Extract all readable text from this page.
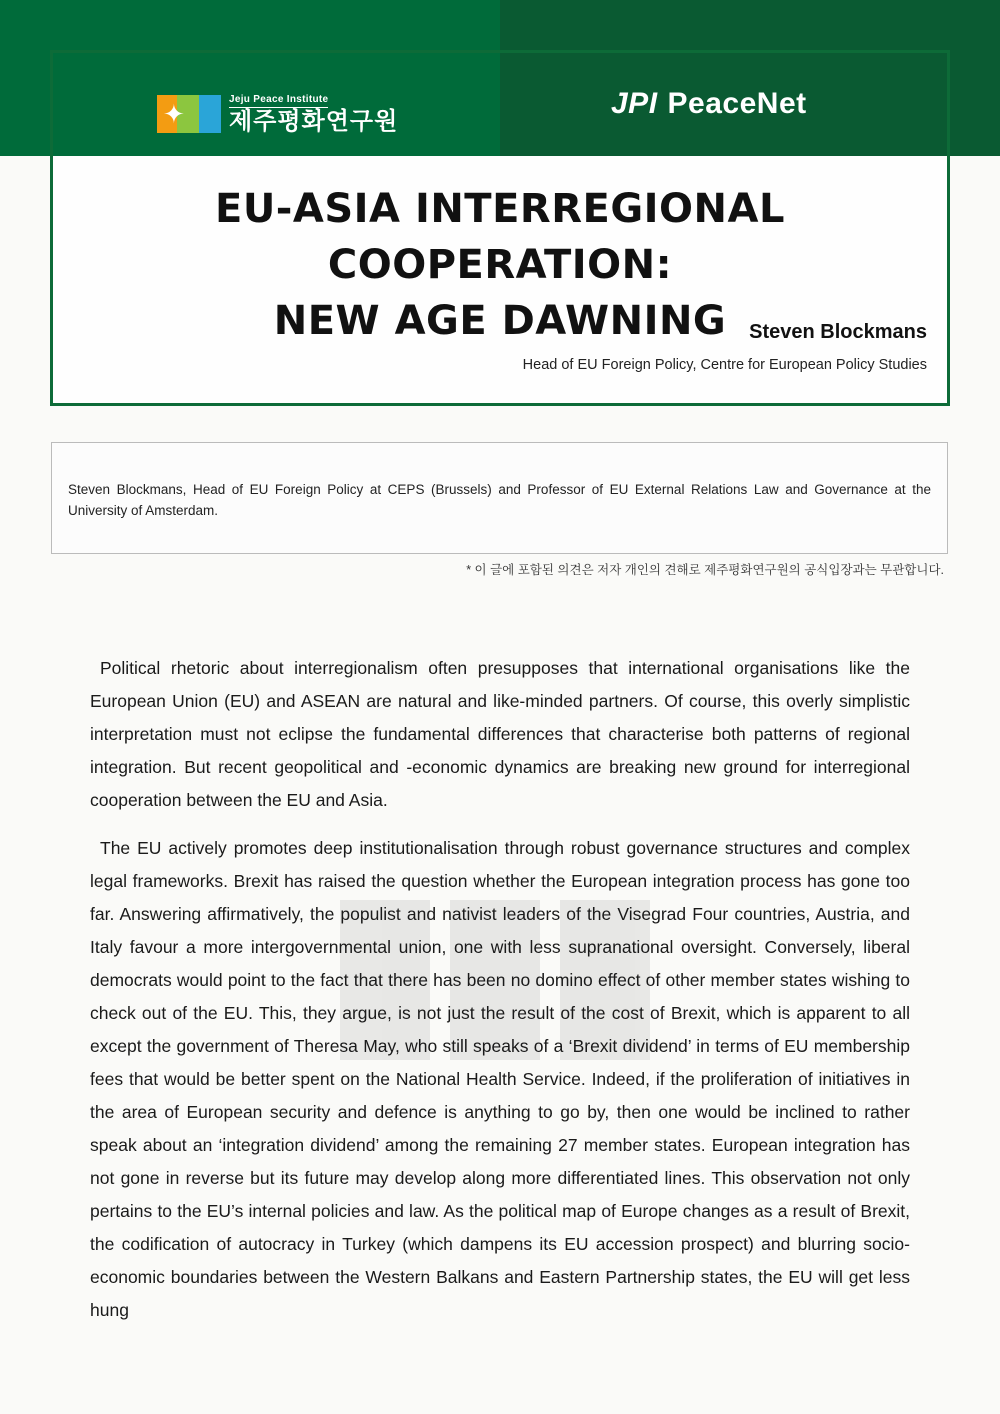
✦	Jeju Peace Institute
제주평화연구원
JPI PeaceNet
EU-ASIA INTERREGIONAL COOPERATION:
NEW AGE DAWNING	Steven Blockmans
Head of EU Foreign Policy, Centre for European Policy Studies
Steven Blockmans, Head of EU Foreign Policy at CEPS (Brussels) and Professor of EU External Relations Law and Governance at the University of Amsterdam.
* 이 글에 포함된 의견은 저자 개인의 견해로 제주평화연구원의 공식입장과는 무관합니다.

Political rhetoric about interregionalism often presupposes that international organisations like the European Union (EU) and ASEAN are natural and like-minded partners. Of course, this overly simplistic interpretation must not eclipse the fundamental differences that characterise both patterns of regional integration. But recent geopolitical and -economic dynamics are breaking new ground for interregional cooperation between the EU and Asia.

The EU actively promotes deep institutionalisation through robust governance structures and complex legal frameworks. Brexit has raised the question whether the European integration process has gone too far. Answering affirmatively, the populist and nativist leaders of the Visegrad Four countries, Austria, and Italy favour a more intergovernmental union, one with less supranational oversight. Conversely, liberal democrats would point to the fact that there has been no domino effect of other member states wishing to check out of the EU. This, they argue, is not just the result of the cost of Brexit, which is apparent to all except the government of Theresa May, who still speaks of a ‘Brexit dividend’ in terms of EU membership fees that would be better spent on the National Health Service. Indeed, if the proliferation of initiatives in the area of European security and defence is anything to go by, then one would be inclined to rather speak about an ‘integration dividend’ among the remaining 27 member states. European integration has not gone in reverse but its future may develop along more differentiated lines. This observation not only pertains to the EU’s internal policies and law. As the political map of Europe changes as a result of Brexit, the codification of autocracy in Turkey (which dampens its EU accession prospect) and blurring socio-economic boundaries between the Western Balkans and Eastern Partnership states, the EU will get less hung
